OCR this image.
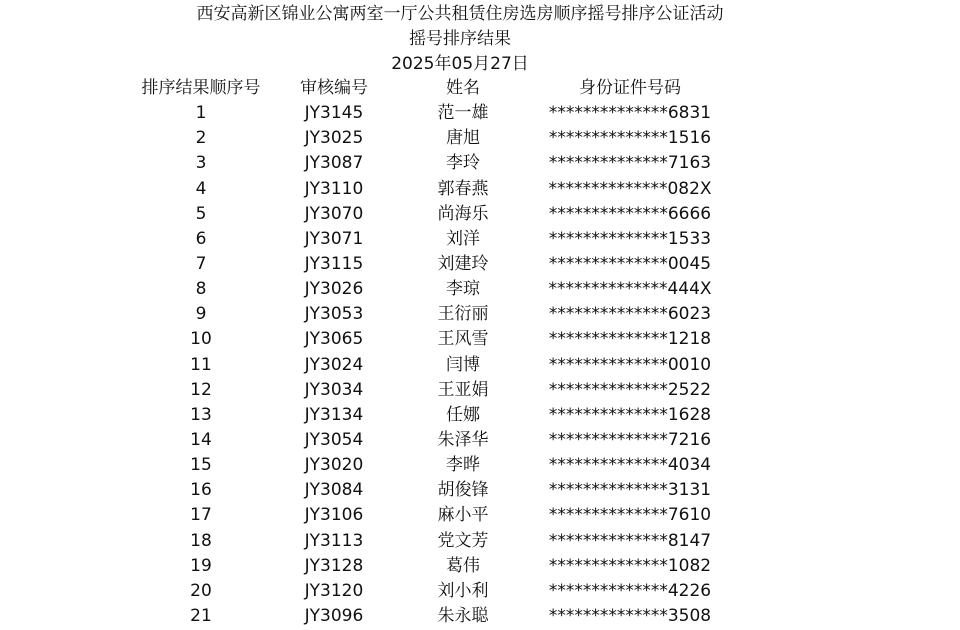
西安高新区锦业公寓两室一厅公共租赁住房选房顺序摇号排序公证活动
摇号排序结果
2025年05月27日
排序结果顺序号	审核编号	姓名	身份证件号码
1	JY3145	范一雄	**************6831
2	JY3025	唐旭	**************1516
3	JY3087	李玲	**************7163
4	JY3110	郭春燕	**************082X
5	JY3070	尚海乐	**************6666
6	JY3071	刘洋	**************1533
7	JY3115	刘建玲	**************0045
8	JY3026	李琼	**************444X
9	JY3053	王衍丽	**************6023
10	JY3065	王风雪	**************1218
11	JY3024	闫博	**************0010
12	JY3034	王亚娟	**************2522
13	JY3134	任娜	**************1628
14	JY3054	朱泽华	**************7216
15	JY3020	李晔	**************4034
16	JY3084	胡俊锋	**************3131
17	JY3106	麻小平	**************7610
18	JY3113	党文芳	**************8147
19	JY3128	葛伟	**************1082
20	JY3120	刘小利	**************4226
21	JY3096	朱永聪	**************3508
